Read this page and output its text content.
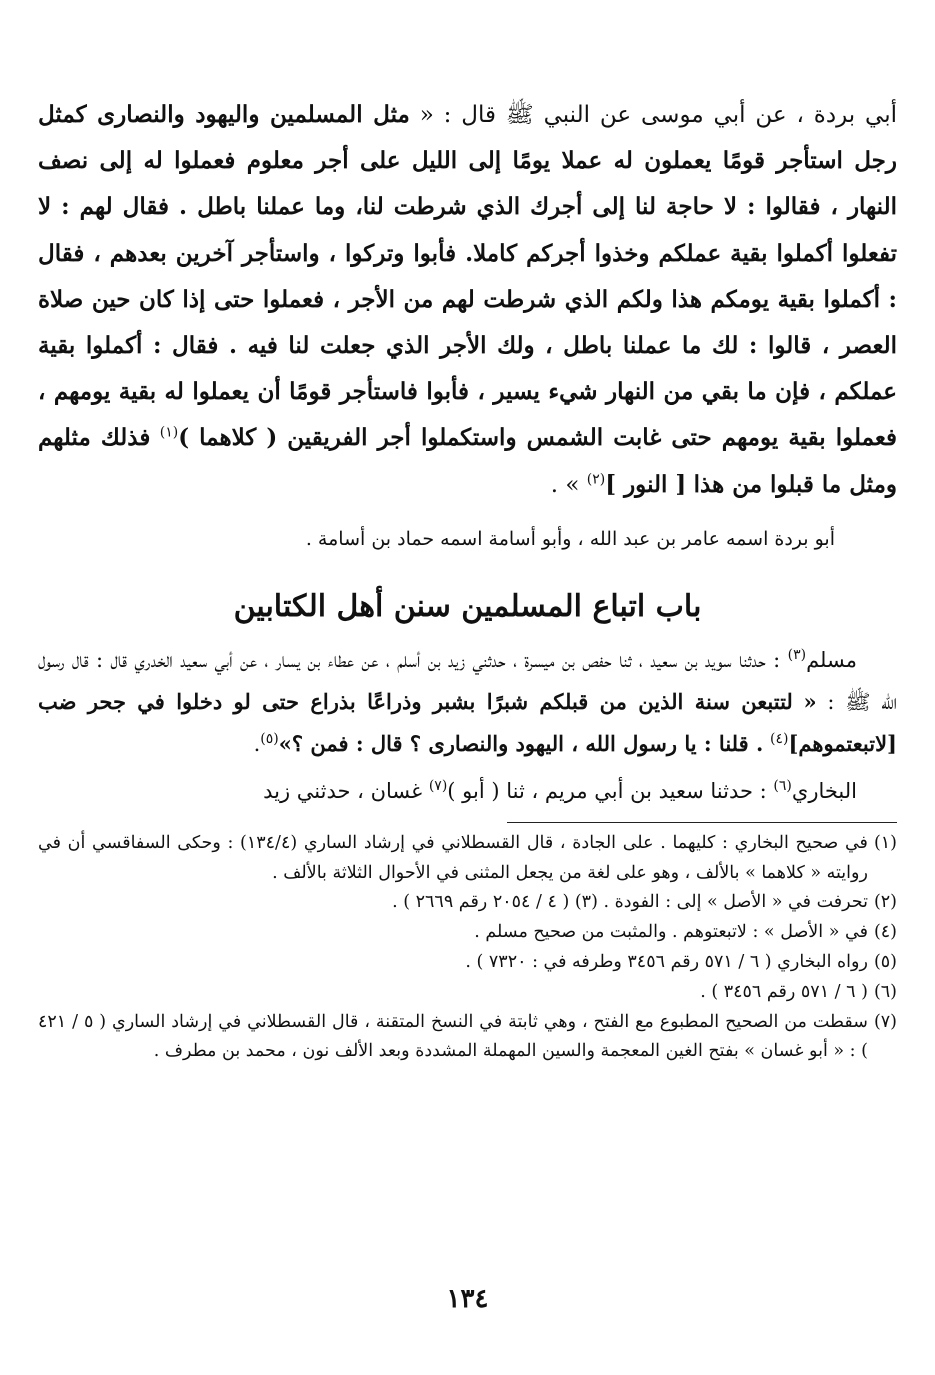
أبي بردة ، عن أبي موسى عن النبي ﷺ قال : « مثل المسلمين واليهود والنصارى كمثل رجل استأجر قومًا يعملون له عملا يومًا إلى الليل على أجر معلوم فعملوا له إلى نصف النهار ، فقالوا : لا حاجة لنا إلى أجرك الذي شرطت لنا، وما عملنا باطل . فقال لهم : لا تفعلوا أكملوا بقية عملكم وخذوا أجركم كاملا. فأبوا وتركوا ، واستأجر آخرين بعدهم ، فقال : أكملوا بقية يومكم هذا ولكم الذي شرطت لهم من الأجر ، فعملوا حتى إذا كان حين صلاة العصر ، قالوا : لك ما عملنا باطل ، ولك الأجر الذي جعلت لنا فيه . فقال : أكملوا بقية عملكم ، فإن ما بقي من النهار شيء يسير ، فأبوا فاستأجر قومًا أن يعملوا له بقية يومهم ، فعملوا بقية يومهم حتى غابت الشمس واستكملوا أجر الفريقين ( كلاهما )$^{(١)}$ فذلك مثلهم ومثل ما قبلوا من هذا [ النور ]$^{(٢)}$ » .

أبو بردة اسمه عامر بن عبد الله ، وأبو أسامة اسمه حماد بن أسامة .
باب اتباع المسلمين سنن أهل الكتابين

مسلم$^{(٣)}$ : حدثنا سويد بن سعيد ، ثنا حفص بن ميسرة ، حدثني زيد بن أسلم ، عن عطاء بن يسار ، عن أبي سعيد الخدري قال : قال رسول الله ﷺ : « لتتبعن سنة الذين من قبلكم شبرًا بشبر وذراعًا بذراع حتى لو دخلوا في جحر ضب [لاتبعتموهم]$^{(٤)}$ . قلنا : يا رسول الله ، اليهود والنصارى ؟ قال : فمن ؟»$^{(٥)}$.

البخاري$^{(٦)}$ : حدثنا سعيد بن أبي مريم ، ثنا ( أبو )$^{(٧)}$ غسان ، حدثني زيد

(١)
في صحيح البخاري : كليهما . على الجادة ، قال القسطلاني في إرشاد الساري (١٣٤/٤) : وحكى السفاقسي أن في روايته « كلاهما » بالألف ، وهو على لغة من يجعل المثنى في الأحوال الثلاثة بالألف .
(٢)
تحرفت في « الأصل » إلى : الفودة . (٣) ( ٤ / ٢٠٥٤ رقم ٢٦٦٩ ) .
(٤)
في « الأصل » : لاتبعتوهم . والمثبت من صحيح مسلم .
(٥)
رواه البخاري ( ٦ / ٥٧١ رقم ٣٤٥٦ وطرفه في : ٧٣٢٠ ) .
(٦)
( ٦ / ٥٧١ رقم ٣٤٥٦ ) .
(٧)
سقطت من الصحيح المطبوع مع الفتح ، وهي ثابتة في النسخ المتقنة ، قال القسطلاني في إرشاد الساري ( ٥ / ٤٢١ ) : « أبو غسان » بفتح الغين المعجمة والسين المهملة المشددة وبعد الألف نون ، محمد بن مطرف .
١٣٤
